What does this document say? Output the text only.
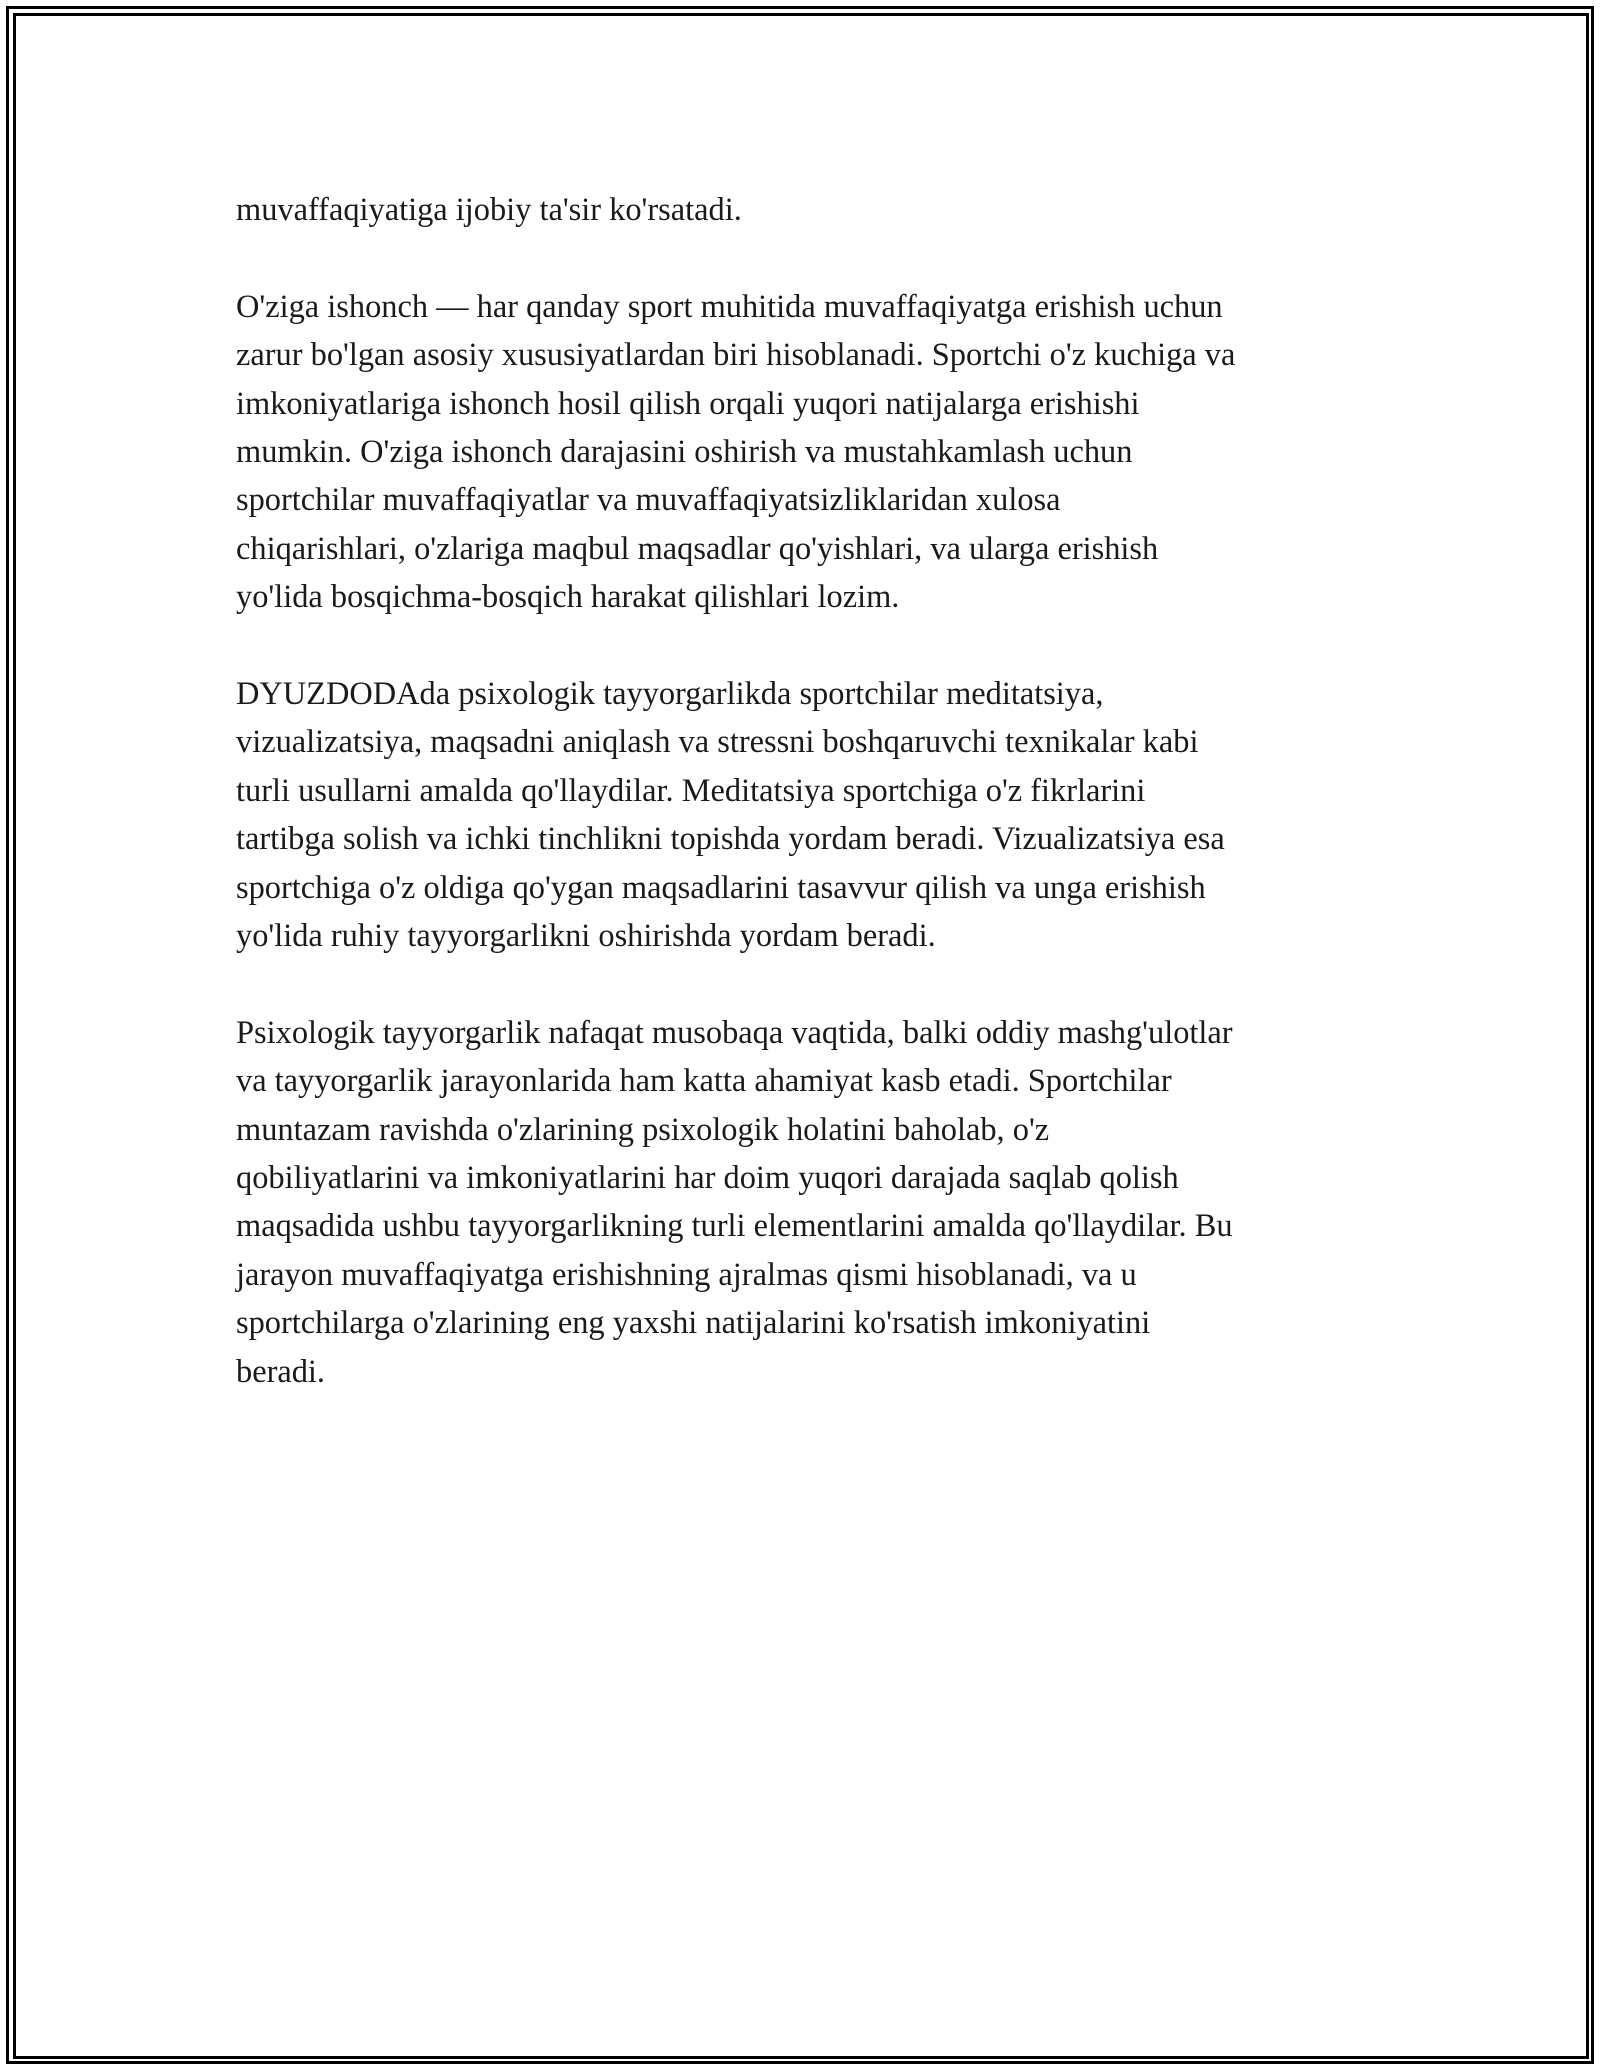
muvaffaqiyatiga ijobiy ta'sir ko'rsatadi.

O'ziga ishonch — har qanday sport muhitida muvaffaqiyatga erishish uchun
zarur bo'lgan asosiy xususiyatlardan biri hisoblanadi. Sportchi o'z kuchiga va
imkoniyatlariga ishonch hosil qilish orqali yuqori natijalarga erishishi
mumkin. O'ziga ishonch darajasini oshirish va mustahkamlash uchun
sportchilar muvaffaqiyatlar va muvaffaqiyatsizliklaridan xulosa
chiqarishlari, o'zlariga maqbul maqsadlar qo'yishlari, va ularga erishish
yo'lida bosqichma-bosqich harakat qilishlari lozim.

DYUZDODAda psixologik tayyorgarlikda sportchilar meditatsiya,
vizualizatsiya, maqsadni aniqlash va stressni boshqaruvchi texnikalar kabi
turli usullarni amalda qo'llaydilar. Meditatsiya sportchiga o'z fikrlarini
tartibga solish va ichki tinchlikni topishda yordam beradi. Vizualizatsiya esa
sportchiga o'z oldiga qo'ygan maqsadlarini tasavvur qilish va unga erishish
yo'lida ruhiy tayyorgarlikni oshirishda yordam beradi.

Psixologik tayyorgarlik nafaqat musobaqa vaqtida, balki oddiy mashg'ulotlar
va tayyorgarlik jarayonlarida ham katta ahamiyat kasb etadi. Sportchilar
muntazam ravishda o'zlarining psixologik holatini baholab, o'z
qobiliyatlarini va imkoniyatlarini har doim yuqori darajada saqlab qolish
maqsadida ushbu tayyorgarlikning turli elementlarini amalda qo'llaydilar. Bu
jarayon muvaffaqiyatga erishishning ajralmas qismi hisoblanadi, va u
sportchilarga o'zlarining eng yaxshi natijalarini ko'rsatish imkoniyatini
beradi.
